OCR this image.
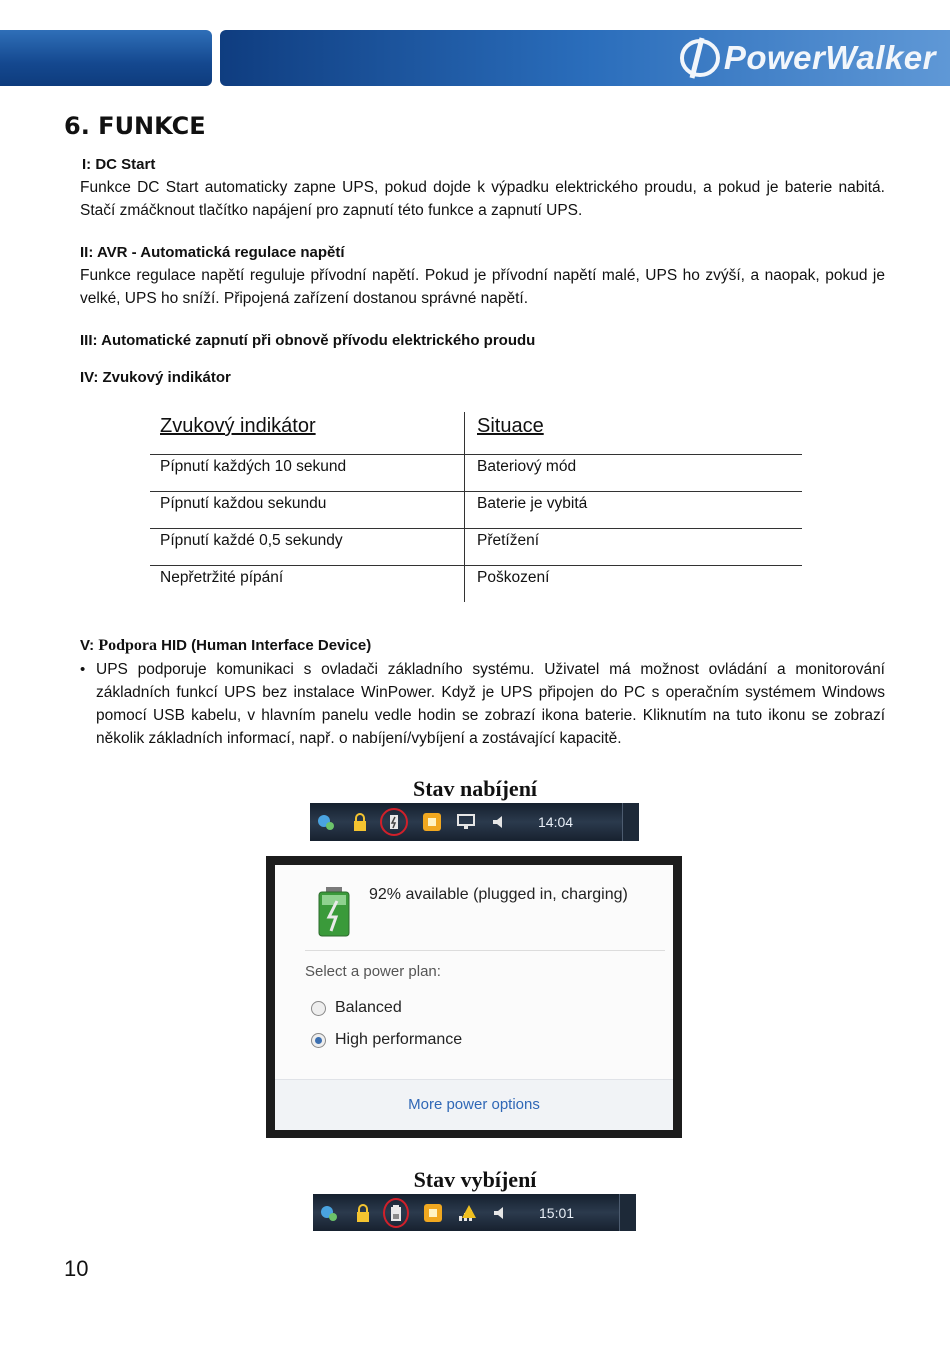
PowerWalker
6. FUNKCE

I: DC Start

Funkce DC Start automaticky zapne UPS, pokud dojde k výpadku elektrického proudu, a pokud je baterie nabitá. Stačí zmáčknout tlačítko napájení pro zapnutí této funkce a zapnutí UPS.

II: AVR - Automatická regulace napětí

Funkce regulace napětí reguluje přívodní napětí. Pokud je přívodní napětí malé, UPS ho zvýší, a naopak, pokud je velké, UPS ho sníží. Připojená zařízení dostanou správné napětí.

III: Automatické zapnutí při obnově přívodu elektrického proudu

IV: Zvukový indikátor

Zvukový indikátor	Situace
Pípnutí každých 10 sekund	Bateriový mód
Pípnutí každou sekundu	Baterie je vybitá
Pípnutí každé 0,5 sekundy	Přetížení
Nepřetržité pípání	Poškození

V: Podpora HID (Human Interface Device)

• UPS podporuje komunikaci s ovladači základního systému. Uživatel má možnost ovládání a monitorování základních funkcí UPS bez instalace WinPower. Když je UPS připojen do PC s operačním systémem Windows pomocí USB kabelu, v hlavním panelu vedle hodin se zobrazí ikona baterie. Kliknutím na tuto ikonu se zobrazí několik základních informací, např. o nabíjení/vybíjení a zostávající kapacitě.

Stav nabíjení

14:04
92% available (plugged in, charging)
Select a power plan:
Balanced
High performance
More power options

Stav vybíjení

15:01

10
